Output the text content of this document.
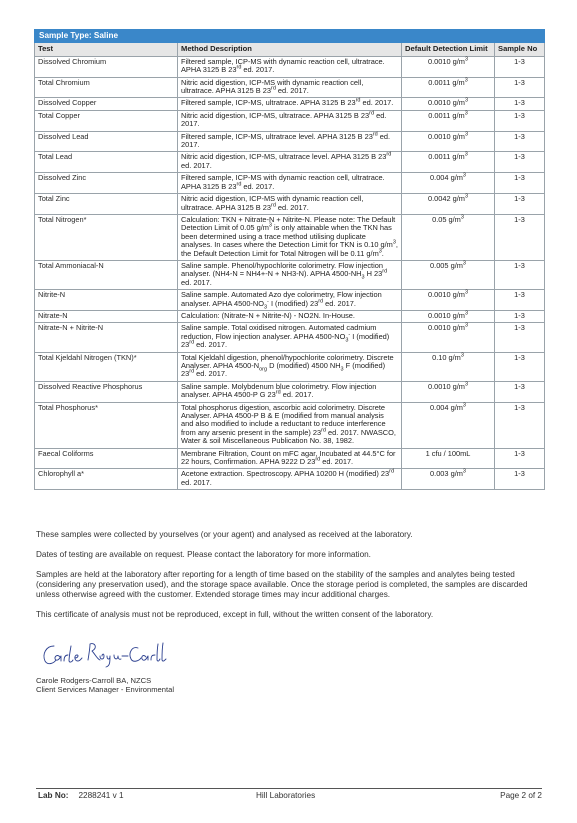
Sample Type: Saline			
Test	Method Description	Default Detection Limit	Sample No
Dissolved Chromium	Filtered sample, ICP-MS with dynamic reaction cell, ultratrace. APHA 3125 B 23rd ed. 2017.	0.0010 $g/m^3$	1-3
Total Chromium	Nitric acid digestion, ICP-MS with dynamic reaction cell, ultratrace. APHA 3125 B 23rd ed. 2017.	0.0011 $g/m^3$	1-3
Dissolved Copper	Filtered sample, ICP-MS, ultratrace. APHA 3125 B 23rd ed. 2017.	0.0010 $g/m^3$	1-3
Total Copper	Nitric acid digestion, ICP-MS, ultratrace. APHA 3125 B 23rd ed. 2017.	0.0011 $g/m^3$	1-3
Dissolved Lead	Filtered sample, ICP-MS, ultratrace level. APHA 3125 B 23rd ed. 2017.	0.0010 $g/m^3$	1-3
Total Lead	Nitric acid digestion, ICP-MS, ultratrace level. APHA 3125 B 23rd ed. 2017.	0.0011 $g/m^3$	1-3
Dissolved Zinc	Filtered sample, ICP-MS with dynamic reaction cell, ultratrace. APHA 3125 B 23rd ed. 2017.	0.004 $g/m^3$	1-3
Total Zinc	Nitric acid digestion, ICP-MS with dynamic reaction cell, ultratrace. APHA 3125 B 23rd ed. 2017.	0.0042 $g/m^3$	1-3
Total Nitrogen*	Calculation: TKN + Nitrate-N + Nitrite-N. Please note: The Default Detection Limit of 0.05 $g/m^3$ is only attainable when the TKN has been determined using a trace method utilising duplicate analyses. In cases where the Detection Limit for TKN is 0.10 $g/m^3$, the Default Detection Limit for Total Nitrogen will be 0.11 $g/m^3$.	0.05 $g/m^3$	1-3
Total Ammoniacal-N	Saline sample. Phenol/hypochlorite colorimetry. Flow injection analyser. (NH4-N = NH4+-N + NH3-N). APHA $4500-NH_3$ H 23rd ed. 2017.	0.005 $g/m^3$	1-3
Nitrite-N	Saline sample. Automated Azo dye colorimetry, Flow injection analyser. APHA $4500-NO_3^-$ I (modified) 23rd ed. 2017.	0.0010 $g/m^3$	1-3
Nitrate-N	Calculation: (Nitrate-N + Nitrite-N) - NO2N. In-House.	0.0010 $g/m^3$	1-3
Nitrate-N + Nitrite-N	Saline sample. Total oxidised nitrogen. Automated cadmium reduction, Flow injection analyser. APHA $4500-NO_3^-$ I (modified) 23rd ed. 2017.	0.0010 $g/m^3$	1-3
Total Kjeldahl Nitrogen (TKN)*	Total Kjeldahl digestion, phenol/hypochlorite colorimetry. Discrete Analyser. APHA $4500-N_{org}$ D (modified) 4500 $NH_3$ F (modified) 23rd ed. 2017.	0.10 $g/m^3$	1-3
Dissolved Reactive Phosphorus	Saline sample. Molybdenum blue colorimetry. Flow injection analyser. APHA 4500-P G 23rd ed. 2017.	0.0010 $g/m^3$	1-3
Total Phosphorus*	Total phosphorus digestion, ascorbic acid colorimetry. Discrete Analyser. APHA 4500-P B & E (modified from manual analysis and also modified to include a reductant to reduce interference from any arsenic present in the sample) 23rd ed. 2017. NWASCO, Water & soil Miscellaneous Publication No. 38, 1982.	0.004 $g/m^3$	1-3
Faecal Coliforms	Membrane Filtration, Count on mFC agar, Incubated at 44.5°C for 22 hours, Confirmation. APHA 9222 D 23rd ed. 2017.	1 cfu / 100mL	1-3
Chlorophyll a*	Acetone extraction. Spectroscopy. APHA 10200 H (modified) 23rd ed. 2017.	0.003 $g/m^3$	1-3

These samples were collected by yourselves (or your agent) and analysed as received at the laboratory.

Dates of testing are available on request. Please contact the laboratory for more information.

Samples are held at the laboratory after reporting for a length of time based on the stability of the samples and analytes being tested (considering any preservation used), and the storage space available. Once the storage period is completed, the samples are discarded unless otherwise agreed with the customer. Extended storage times may incur additional charges.

This certificate of analysis must not be reproduced, except in full, without the written consent of the laboratory.

Carole Rodgers-Carroll BA, NZCS
Client Services Manager - Environmental
Lab No: 2288241 v 1	Hill Laboratories	Page 2 of 2
